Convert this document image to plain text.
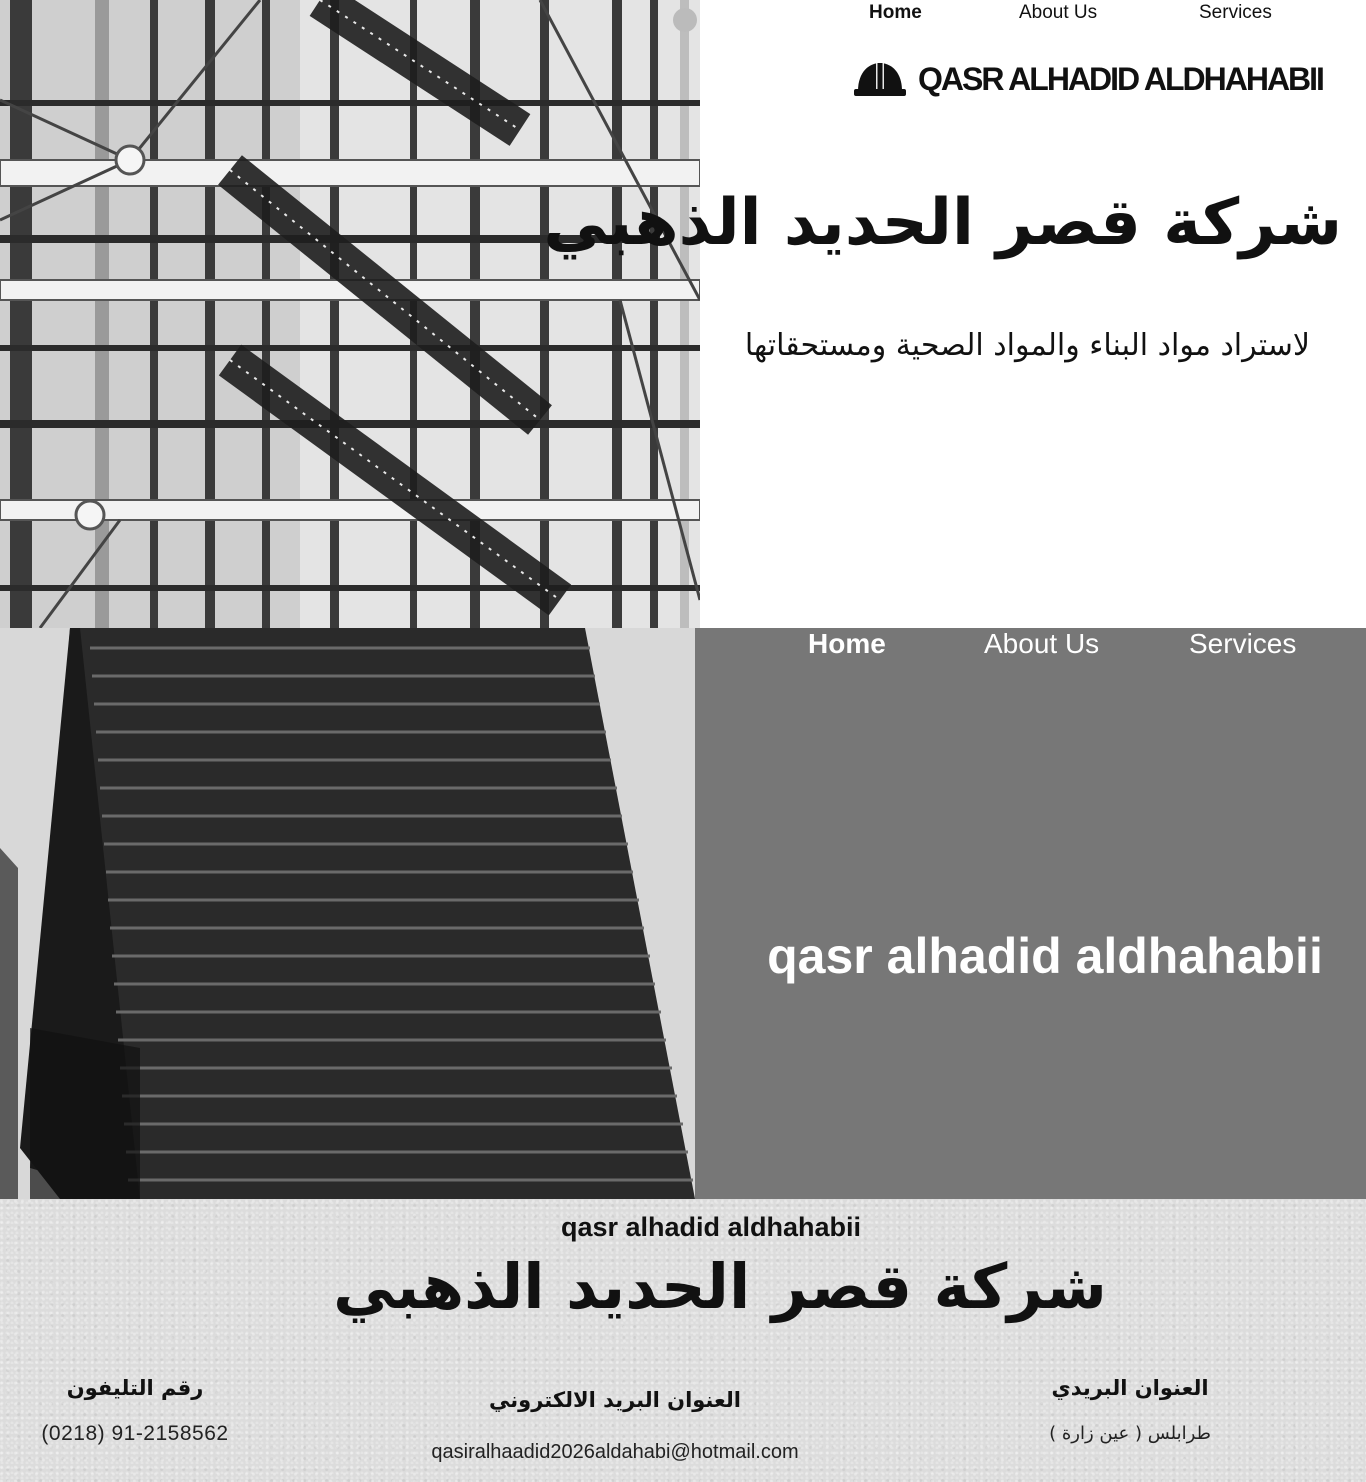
Home	About Us	Services
QASR ALHADID ALDHAHABII
شركة قصر الحديد الذهبي

لاستراد مواد البناء والمواد الصحية ومستحقاتها

Home	About Us	Services
qasr alhadid aldhahabii
qasr alhadid aldhahabii
شركة قصر الحديد الذهبي
رقم التليفون
(0218) 91-2158562
العنوان البريد الالكتروني
qasiralhaadid2026aldahabi@hotmail.com
العنوان البريدي
طرابلس ( عين زارة )
